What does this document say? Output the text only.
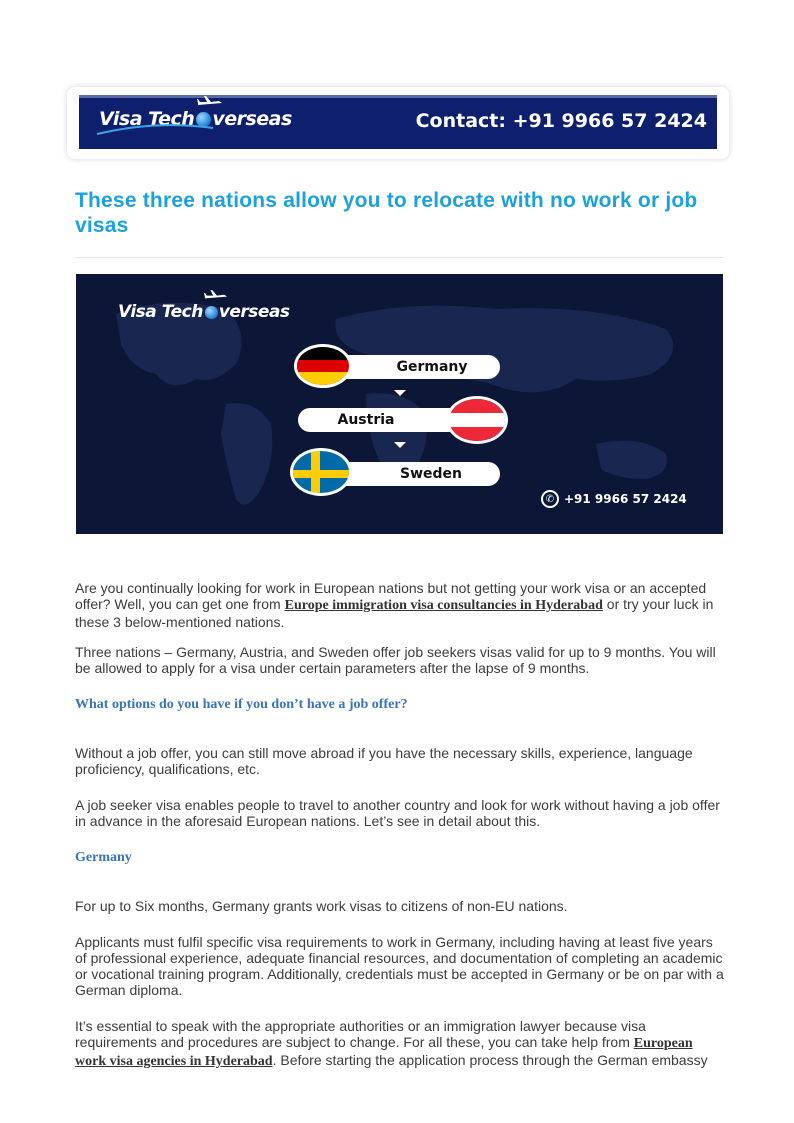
Visa Tech verseas	Contact: +91 9966 57 2424
These three nations allow you to relocate with no work or job visas
Visa Tech verseas
Germany
Austria
Sweden
✆ +91 9966 57 2424

Are you continually looking for work in European nations but not getting your work visa or an accepted offer? Well, you can get one from Europe immigration visa consultancies in Hyderabad or try your luck in these 3 below-mentioned nations.

Three nations – Germany, Austria, and Sweden offer job seekers visas valid for up to 9 months. You will be allowed to apply for a visa under certain parameters after the lapse of 9 months.

What options do you have if you don’t have a job offer?

Without a job offer, you can still move abroad if you have the necessary skills, experience, language proficiency, qualifications, etc.

A job seeker visa enables people to travel to another country and look for work without having a job offer in advance in the aforesaid European nations. Let’s see in detail about this.

Germany

For up to Six months, Germany grants work visas to citizens of non-EU nations.

Applicants must fulfil specific visa requirements to work in Germany, including having at least five years of professional experience, adequate financial resources, and documentation of completing an academic or vocational training program. Additionally, credentials must be accepted in Germany or be on par with a German diploma.

It’s essential to speak with the appropriate authorities or an immigration lawyer because visa requirements and procedures are subject to change. For all these, you can take help from European work visa agencies in Hyderabad. Before starting the application process through the German embassy
